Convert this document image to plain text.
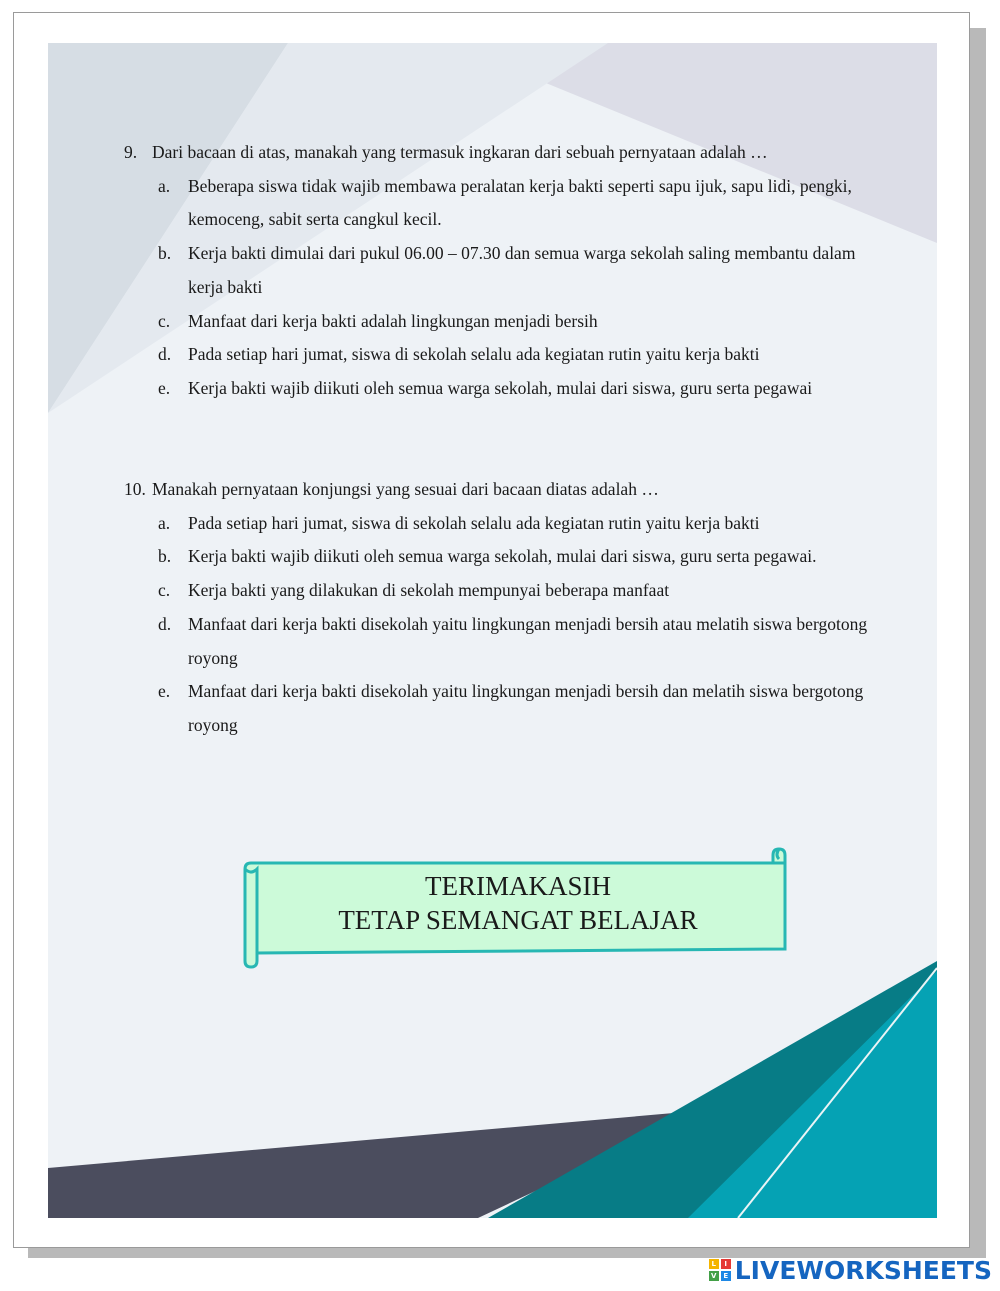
9. Dari bacaan di atas, manakah yang termasuk ingkaran dari sebuah pernyataan adalah …
a.	Beberapa siswa tidak wajib membawa peralatan kerja bakti seperti sapu ijuk, sapu lidi, pengki, kemoceng, sabit serta cangkul kecil.
b. Kerja bakti dimulai dari pukul 06.00 – 07.30 dan semua warga sekolah saling membantu dalam kerja bakti
c.	Manfaat dari kerja bakti adalah lingkungan menjadi bersih
d. Pada setiap hari jumat, siswa di sekolah selalu ada kegiatan rutin yaitu kerja bakti
e.	Kerja bakti wajib diikuti oleh semua warga sekolah, mulai dari siswa, guru serta pegawai
10. Manakah pernyataan konjungsi yang sesuai dari bacaan diatas adalah …
a.	Pada setiap hari jumat, siswa di sekolah selalu ada kegiatan rutin yaitu kerja bakti
b. Kerja bakti wajib diikuti oleh semua warga sekolah, mulai dari siswa, guru serta pegawai.
c.	Kerja bakti yang dilakukan di sekolah mempunyai beberapa manfaat
d. Manfaat dari kerja bakti disekolah yaitu lingkungan menjadi bersih atau melatih siswa bergotong royong
e.	Manfaat dari kerja bakti disekolah yaitu lingkungan menjadi bersih dan melatih siswa bergotong royong
TERIMAKASIH
TETAP SEMANGAT BELAJAR
L	I
V E LIVEWORKSHEETS
